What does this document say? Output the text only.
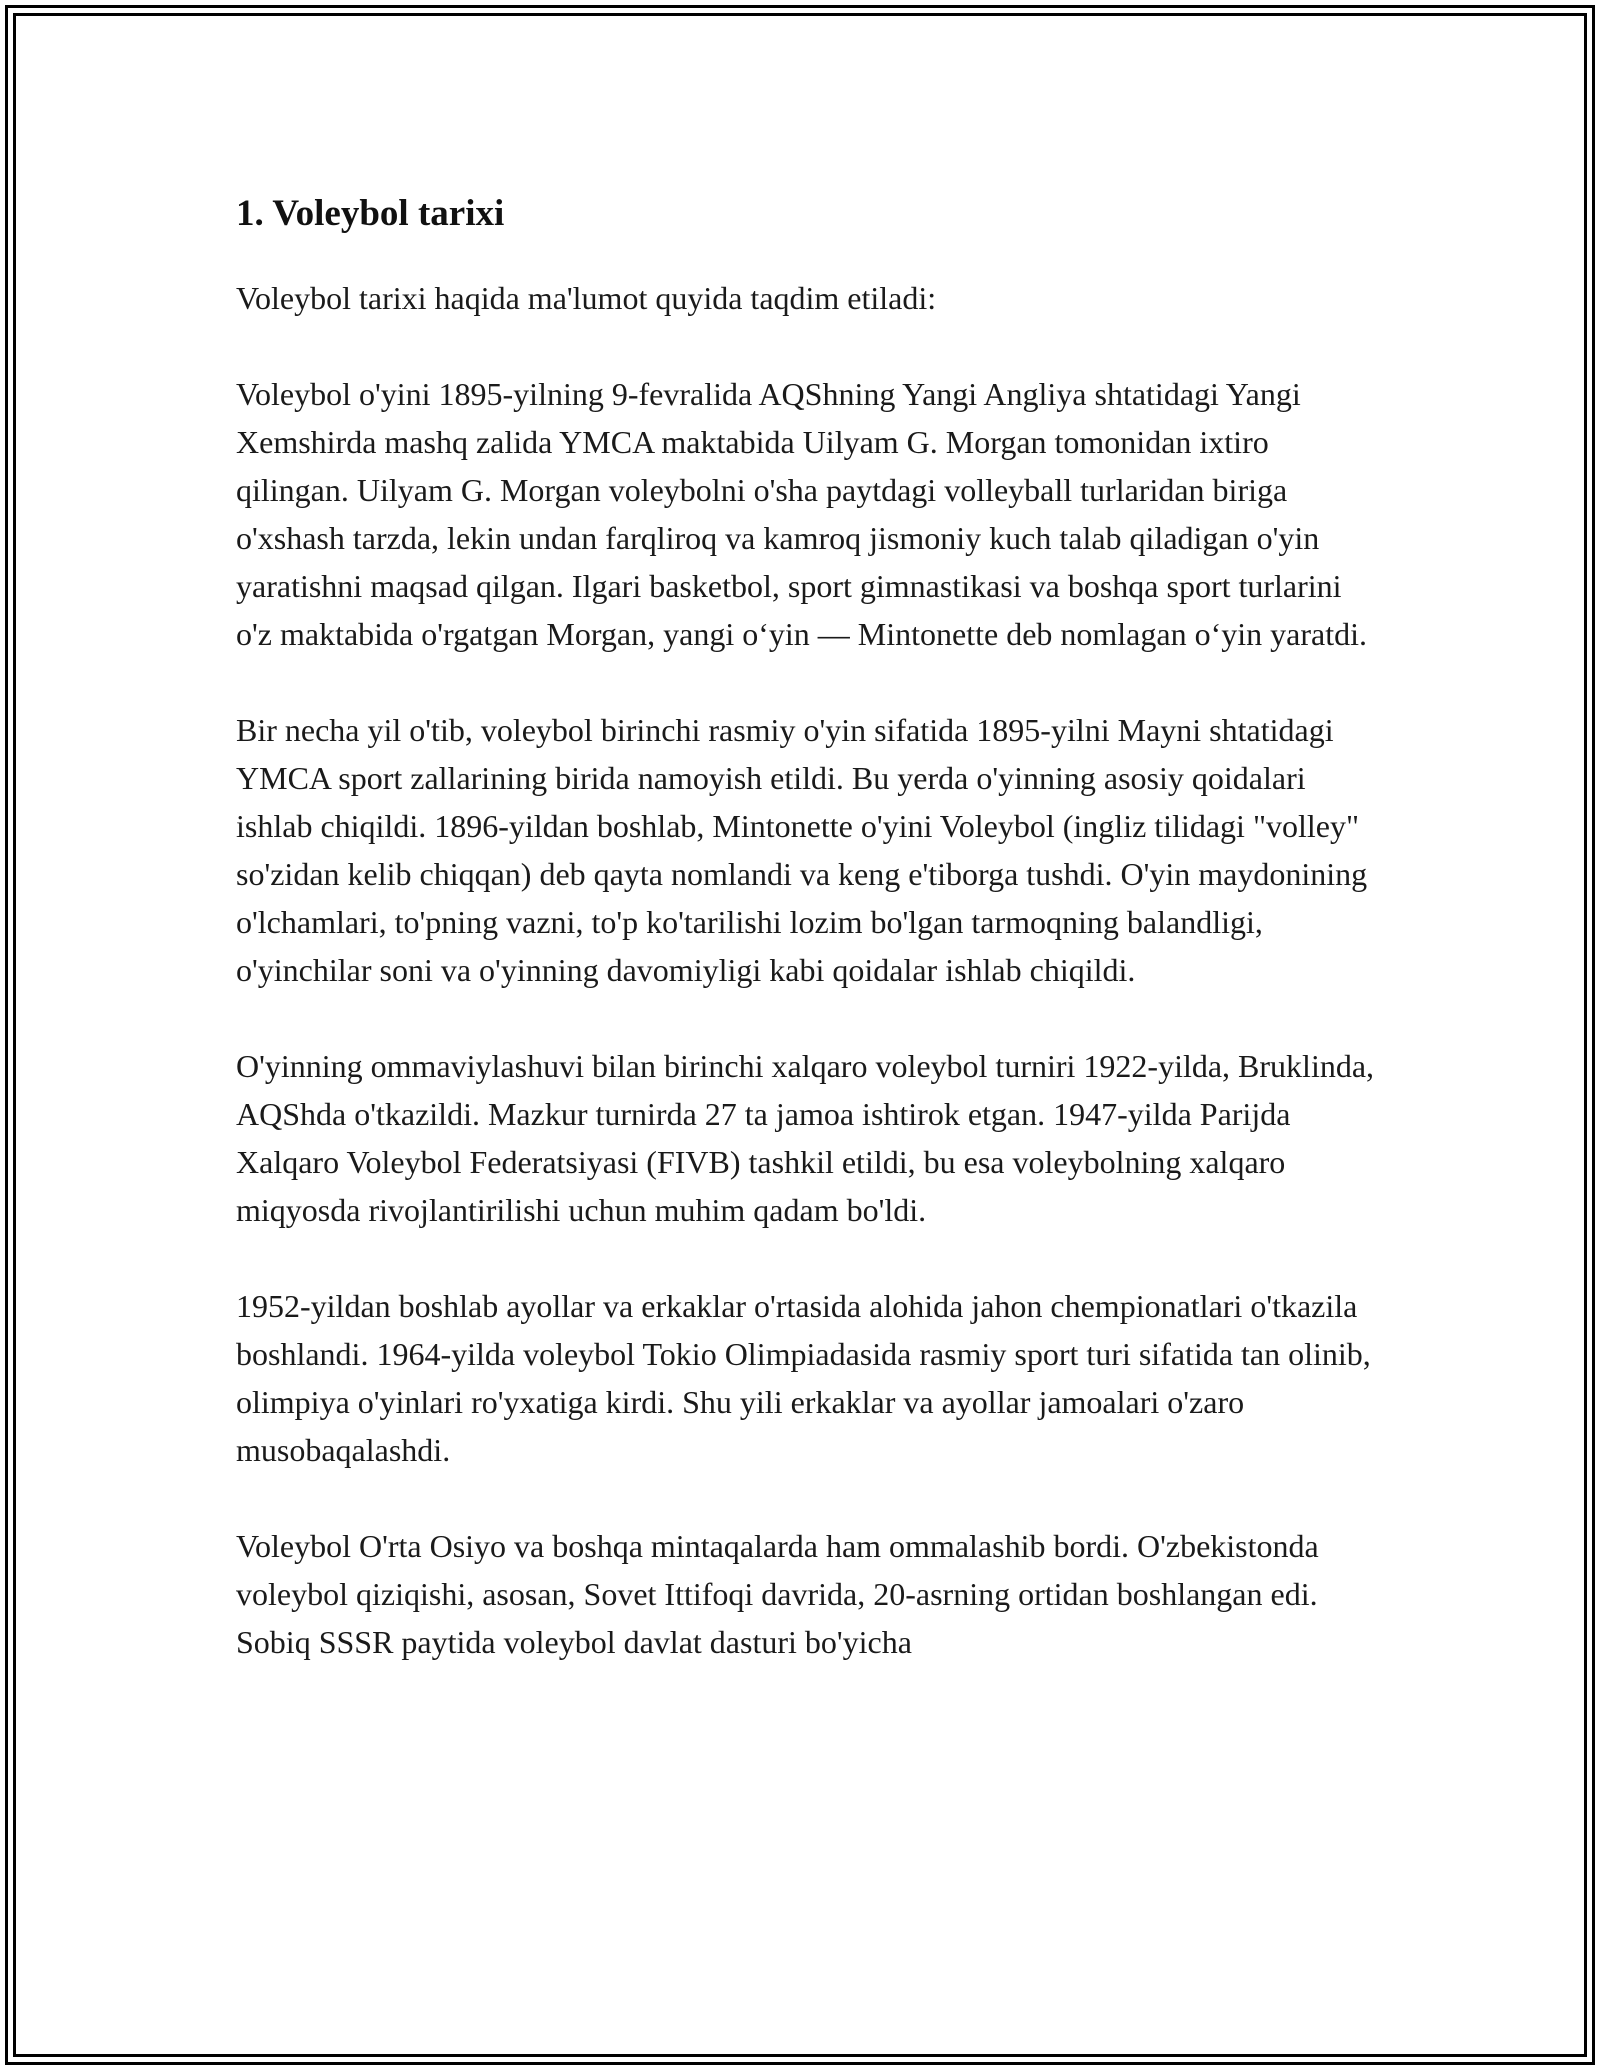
1. Voleybol tarixi

Voleybol tarixi haqida ma'lumot quyida taqdim etiladi:

Voleybol o'yini 1895-yilning 9-fevralida AQShning Yangi Angliya shtatidagi Yangi Xemshirda mashq zalida YMCA maktabida Uilyam G. Morgan tomonidan ixtiro qilingan. Uilyam G. Morgan voleybolni o'sha paytdagi volleyball turlaridan biriga o'xshash tarzda, lekin undan farqliroq va kamroq jismoniy kuch talab qiladigan o'yin yaratishni maqsad qilgan. Ilgari basketbol, sport gimnastikasi va boshqa sport turlarini o'z maktabida o'rgatgan Morgan, yangi o‘yin — Mintonette deb nomlagan o‘yin yaratdi.

Bir necha yil o'tib, voleybol birinchi rasmiy o'yin sifatida 1895-yilni Mayni shtatidagi YMCA sport zallarining birida namoyish etildi. Bu yerda o'yinning asosiy qoidalari ishlab chiqildi. 1896-yildan boshlab, Mintonette o'yini Voleybol (ingliz tilidagi "volley" so'zidan kelib chiqqan) deb qayta nomlandi va keng e'tiborga tushdi. O'yin maydonining o'lchamlari, to'pning vazni, to'p ko'tarilishi lozim bo'lgan tarmoqning balandligi, o'yinchilar soni va o'yinning davomiyligi kabi qoidalar ishlab chiqildi.

O'yinning ommaviylashuvi bilan birinchi xalqaro voleybol turniri 1922-yilda, Bruklinda, AQShda o'tkazildi. Mazkur turnirda 27 ta jamoa ishtirok etgan. 1947-yilda Parijda Xalqaro Voleybol Federatsiyasi (FIVB) tashkil etildi, bu esa voleybolning xalqaro miqyosda rivojlantirilishi uchun muhim qadam bo'ldi.

1952-yildan boshlab ayollar va erkaklar o'rtasida alohida jahon chempionatlari o'tkazila boshlandi. 1964-yilda voleybol Tokio Olimpiadasida rasmiy sport turi sifatida tan olinib, olimpiya o'yinlari ro'yxatiga kirdi. Shu yili erkaklar va ayollar jamoalari o'zaro musobaqalashdi.

Voleybol O'rta Osiyo va boshqa mintaqalarda ham ommalashib bordi. O'zbekistonda voleybol qiziqishi, asosan, Sovet Ittifoqi davrida, 20-asrning ortidan boshlangan edi. Sobiq SSSR paytida voleybol davlat dasturi bo'yicha
